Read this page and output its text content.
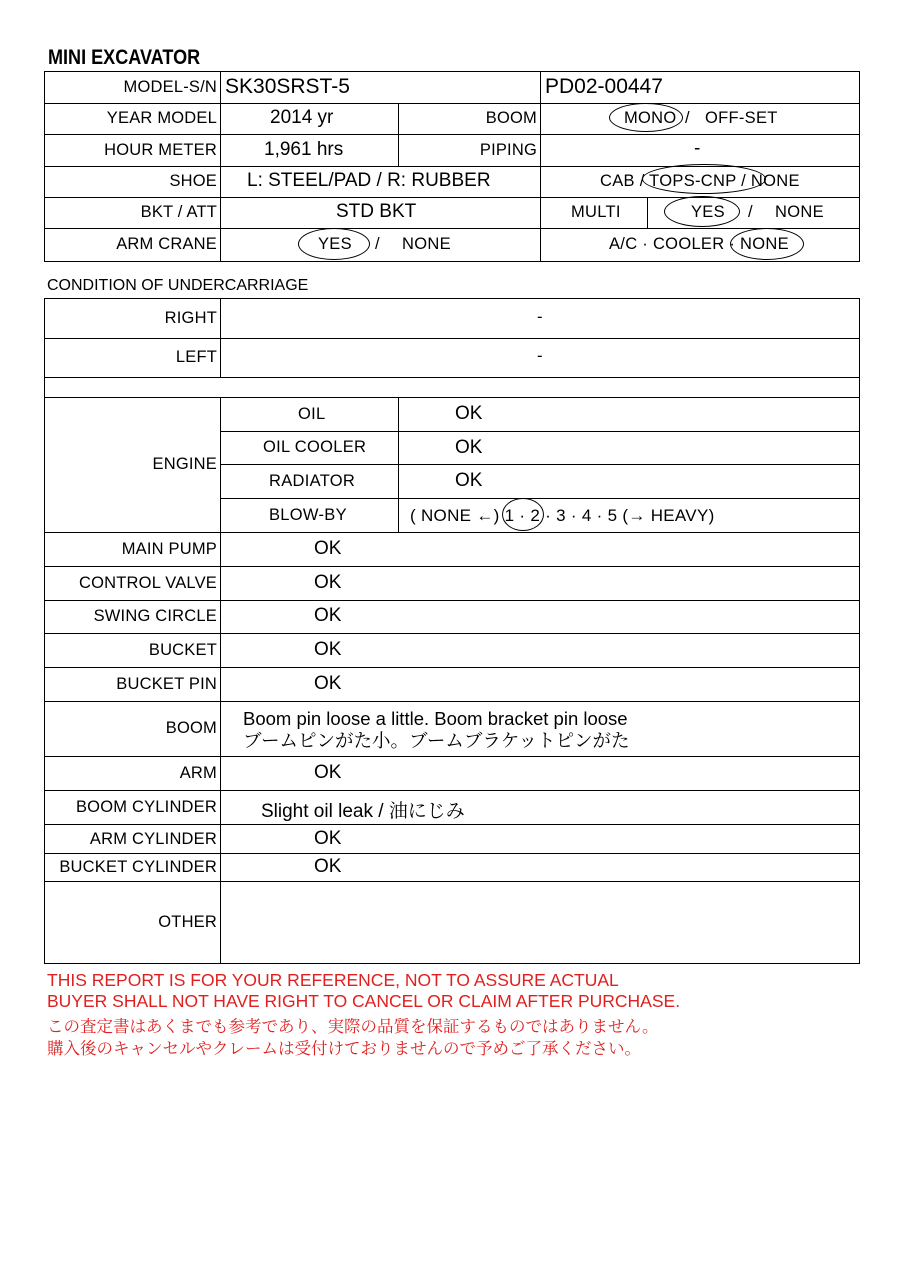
MINI EXCAVATOR
MODEL-S/N SK30SRST-5	PD02-00447
YEAR MODEL	2014 yr	BOOM	MONO / OFF-SET
HOUR METER 1,961 hrs	PIPING	-
SHOE L: STEEL/PAD / R: RUBBER	CAB / TOPS-CNP / NONE
BKT / ATT	STD BKT	MULTI	YES / NONE
ARM CRANE	YES / NONE	A/C · COOLER · NONE
CONDITION OF UNDERCARRIAGE
RIGHT	-
LEFT	-
ENGINE
OIL	OK
OIL COOLER	OK
RADIATOR	OK
BLOW-BY	( NONE ←) 1 · 2 · 3 · 4 · 5 (→ HEAVY)
MAIN PUMP	OK
CONTROL VALVE	OK
SWING CIRCLE	OK
BUCKET	OK
BUCKET PIN	OK
BOOM Boom pin loose a little. Boom bracket pin loose
ブームピンがた小。ブームブラケットピンがた
ARM	OK
BOOM CYLINDER Slight oil leak / 油にじみ
ARM CYLINDER	OK
BUCKET CYLINDER	OK
OTHER
THIS REPORT IS FOR YOUR REFERENCE, NOT TO ASSURE ACTUAL
BUYER SHALL NOT HAVE RIGHT TO CANCEL OR CLAIM AFTER PURCHASE.
この査定書はあくまでも参考であり、実際の品質を保証するものではありません。
購入後のキャンセルやクレームは受付けておりませんので予めご了承ください。
